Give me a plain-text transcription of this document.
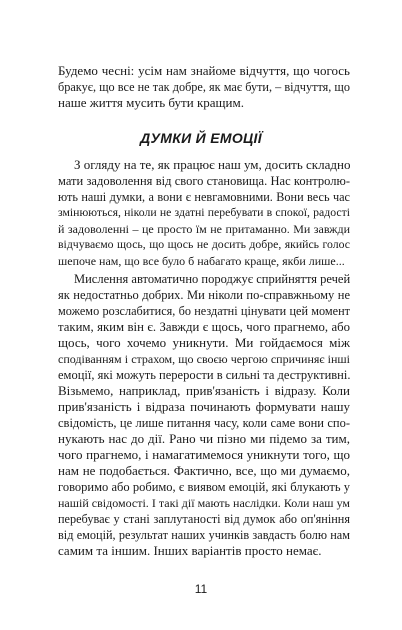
Будемо чесні: усім нам знайоме відчуття, що чогось
бракує, що все не так добре, як має бути, – відчуття, що
наше життя мусить бути кращим.
ДУМКИ Й ЕМОЦІЇ
З огляду на те, як працює наш ум, досить складно
мати задоволення від свого становища. Нас контролю-
ють наші думки, а вони є невгамовними. Вони весь час
змінюються, ніколи не здатні перебувати в спокої, радості
й задоволенні – це просто їм не притаманно. Ми завжди
відчуваємо щось, що щось не досить добре, якийсь голос
шепоче нам, що все було б набагато краще, якби лише...
Мислення автоматично породжує сприйняття речей
як недостатньо добрих. Ми ніколи по-справжньому не
можемо розслабитися, бо нездатні цінувати цей момент
таким, яким він є. Завжди є щось, чого прагнемо, або
щось, чого хочемо уникнути. Ми гойдаємося між
сподіванням і страхом, що своєю чергою спричиняє інші
емоції, які можуть перерости в сильні та деструктивні.
Візьмемо, наприклад, прив'язаність і відразу. Коли
прив'язаність і відраза починають формувати нашу
свідомість, це лише питання часу, коли саме вони спо-
нукають нас до дії. Рано чи пізно ми підемо за тим,
чого прагнемо, і намагатимемося уникнути того, що
нам не подобається. Фактично, все, що ми думаємо,
говоримо або робимо, є виявом емоцій, які блукають у
нашій свідомості. І такі дії мають наслідки. Коли наш ум
перебуває у стані заплутаності від думок або оп'яніння
від емоцій, результат наших учинків завдасть болю нам
самим та іншим. Інших варіантів просто немає.
11
